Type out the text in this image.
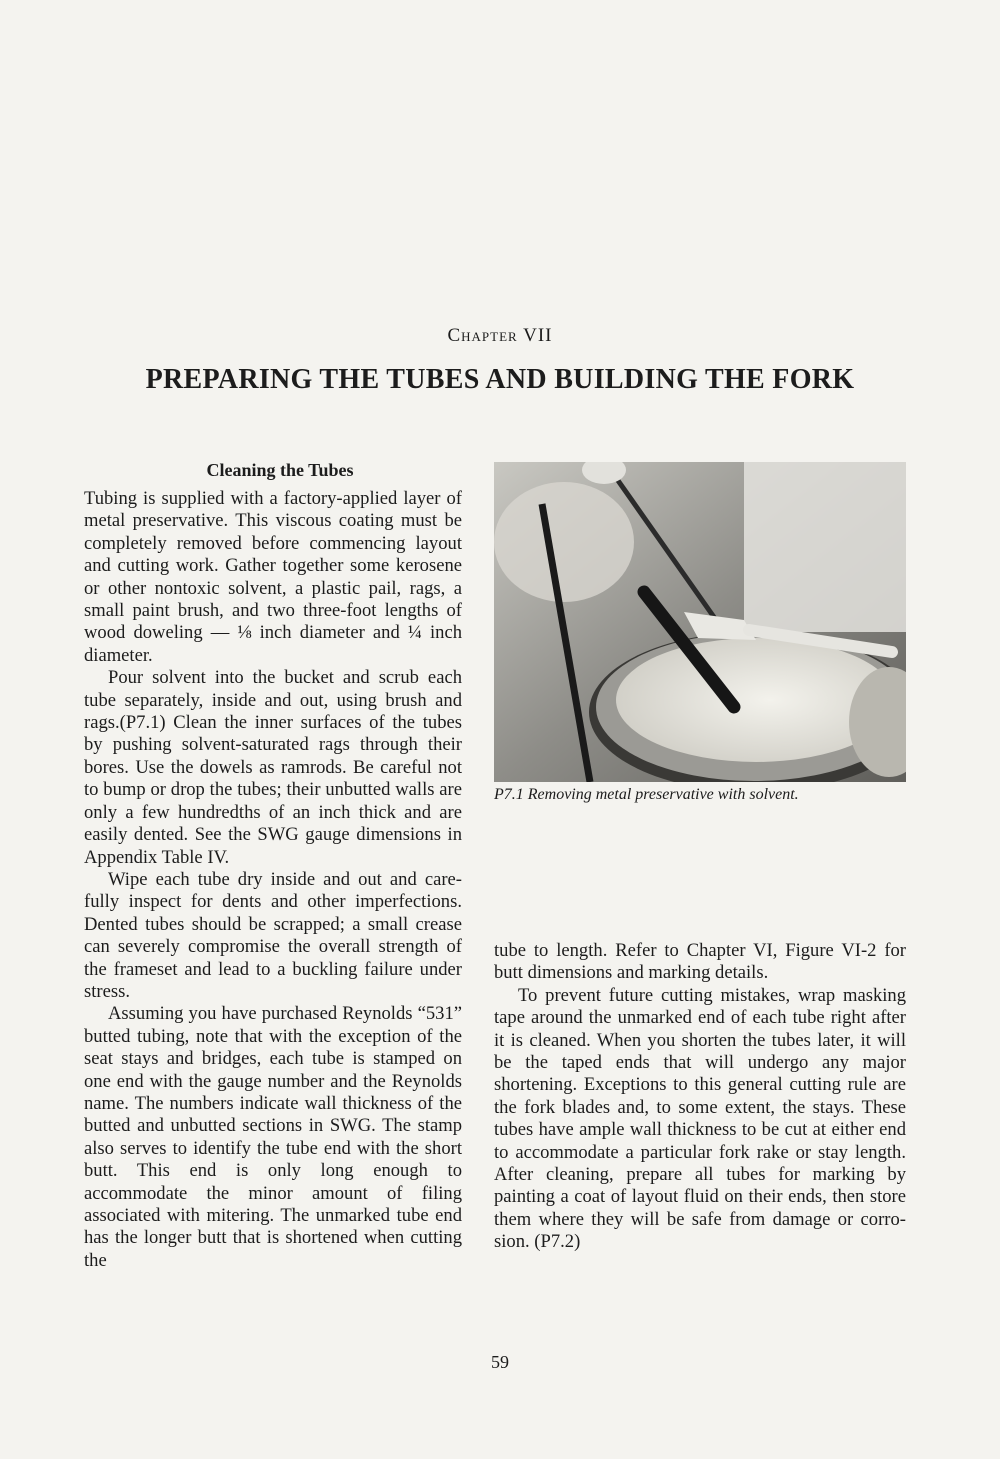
Chapter VII
PREPARING THE TUBES AND BUILDING THE FORK
Cleaning the Tubes

Tubing is supplied with a factory-applied layer of metal preservative. This viscous coating must be completely removed before commencing layout and cutting work. Gather together some kerosene or other nontoxic solvent, a plastic pail, rags, a small paint brush, and two three-foot lengths of wood doweling — ⅛ inch diameter and ¼ inch diameter.

Pour solvent into the bucket and scrub each tube separately, inside and out, using brush and rags.(P7.1) Clean the inner surfaces of the tubes by pushing solvent-saturated rags through their bores. Use the dowels as ramrods. Be careful not to bump or drop the tubes; their unbutted walls are only a few hundredths of an inch thick and are easily dented. See the SWG gauge dimensions in Appendix Table IV.

Wipe each tube dry inside and out and carefully inspect for dents and other imperfections. Dented tubes should be scrapped; a small crease can severely compromise the overall strength of the frameset and lead to a buckling failure under stress.

Assuming you have purchased Reynolds “531” butted tubing, note that with the exception of the seat stays and bridges, each tube is stamped on one end with the gauge number and the Reynolds name. The numbers indicate wall thickness of the butted and unbutted sections in SWG. The stamp also serves to identify the tube end with the short butt. This end is only long enough to accommodate the minor amount of filing associated with mitering. The unmarked tube end has the longer butt that is shortened when cutting the

P7.1 Removing metal preservative with solvent.

tube to length. Refer to Chapter VI, Figure VI-2 for butt dimensions and marking details.

To prevent future cutting mistakes, wrap masking tape around the unmarked end of each tube right after it is cleaned. When you shorten the tubes later, it will be the taped ends that will undergo any major shortening. Exceptions to this general cutting rule are the fork blades and, to some extent, the stays. These tubes have ample wall thickness to be cut at either end to accommodate a particular fork rake or stay length. After cleaning, prepare all tubes for marking by painting a coat of layout fluid on their ends, then store them where they will be safe from damage or corrosion. (P7.2)

59
